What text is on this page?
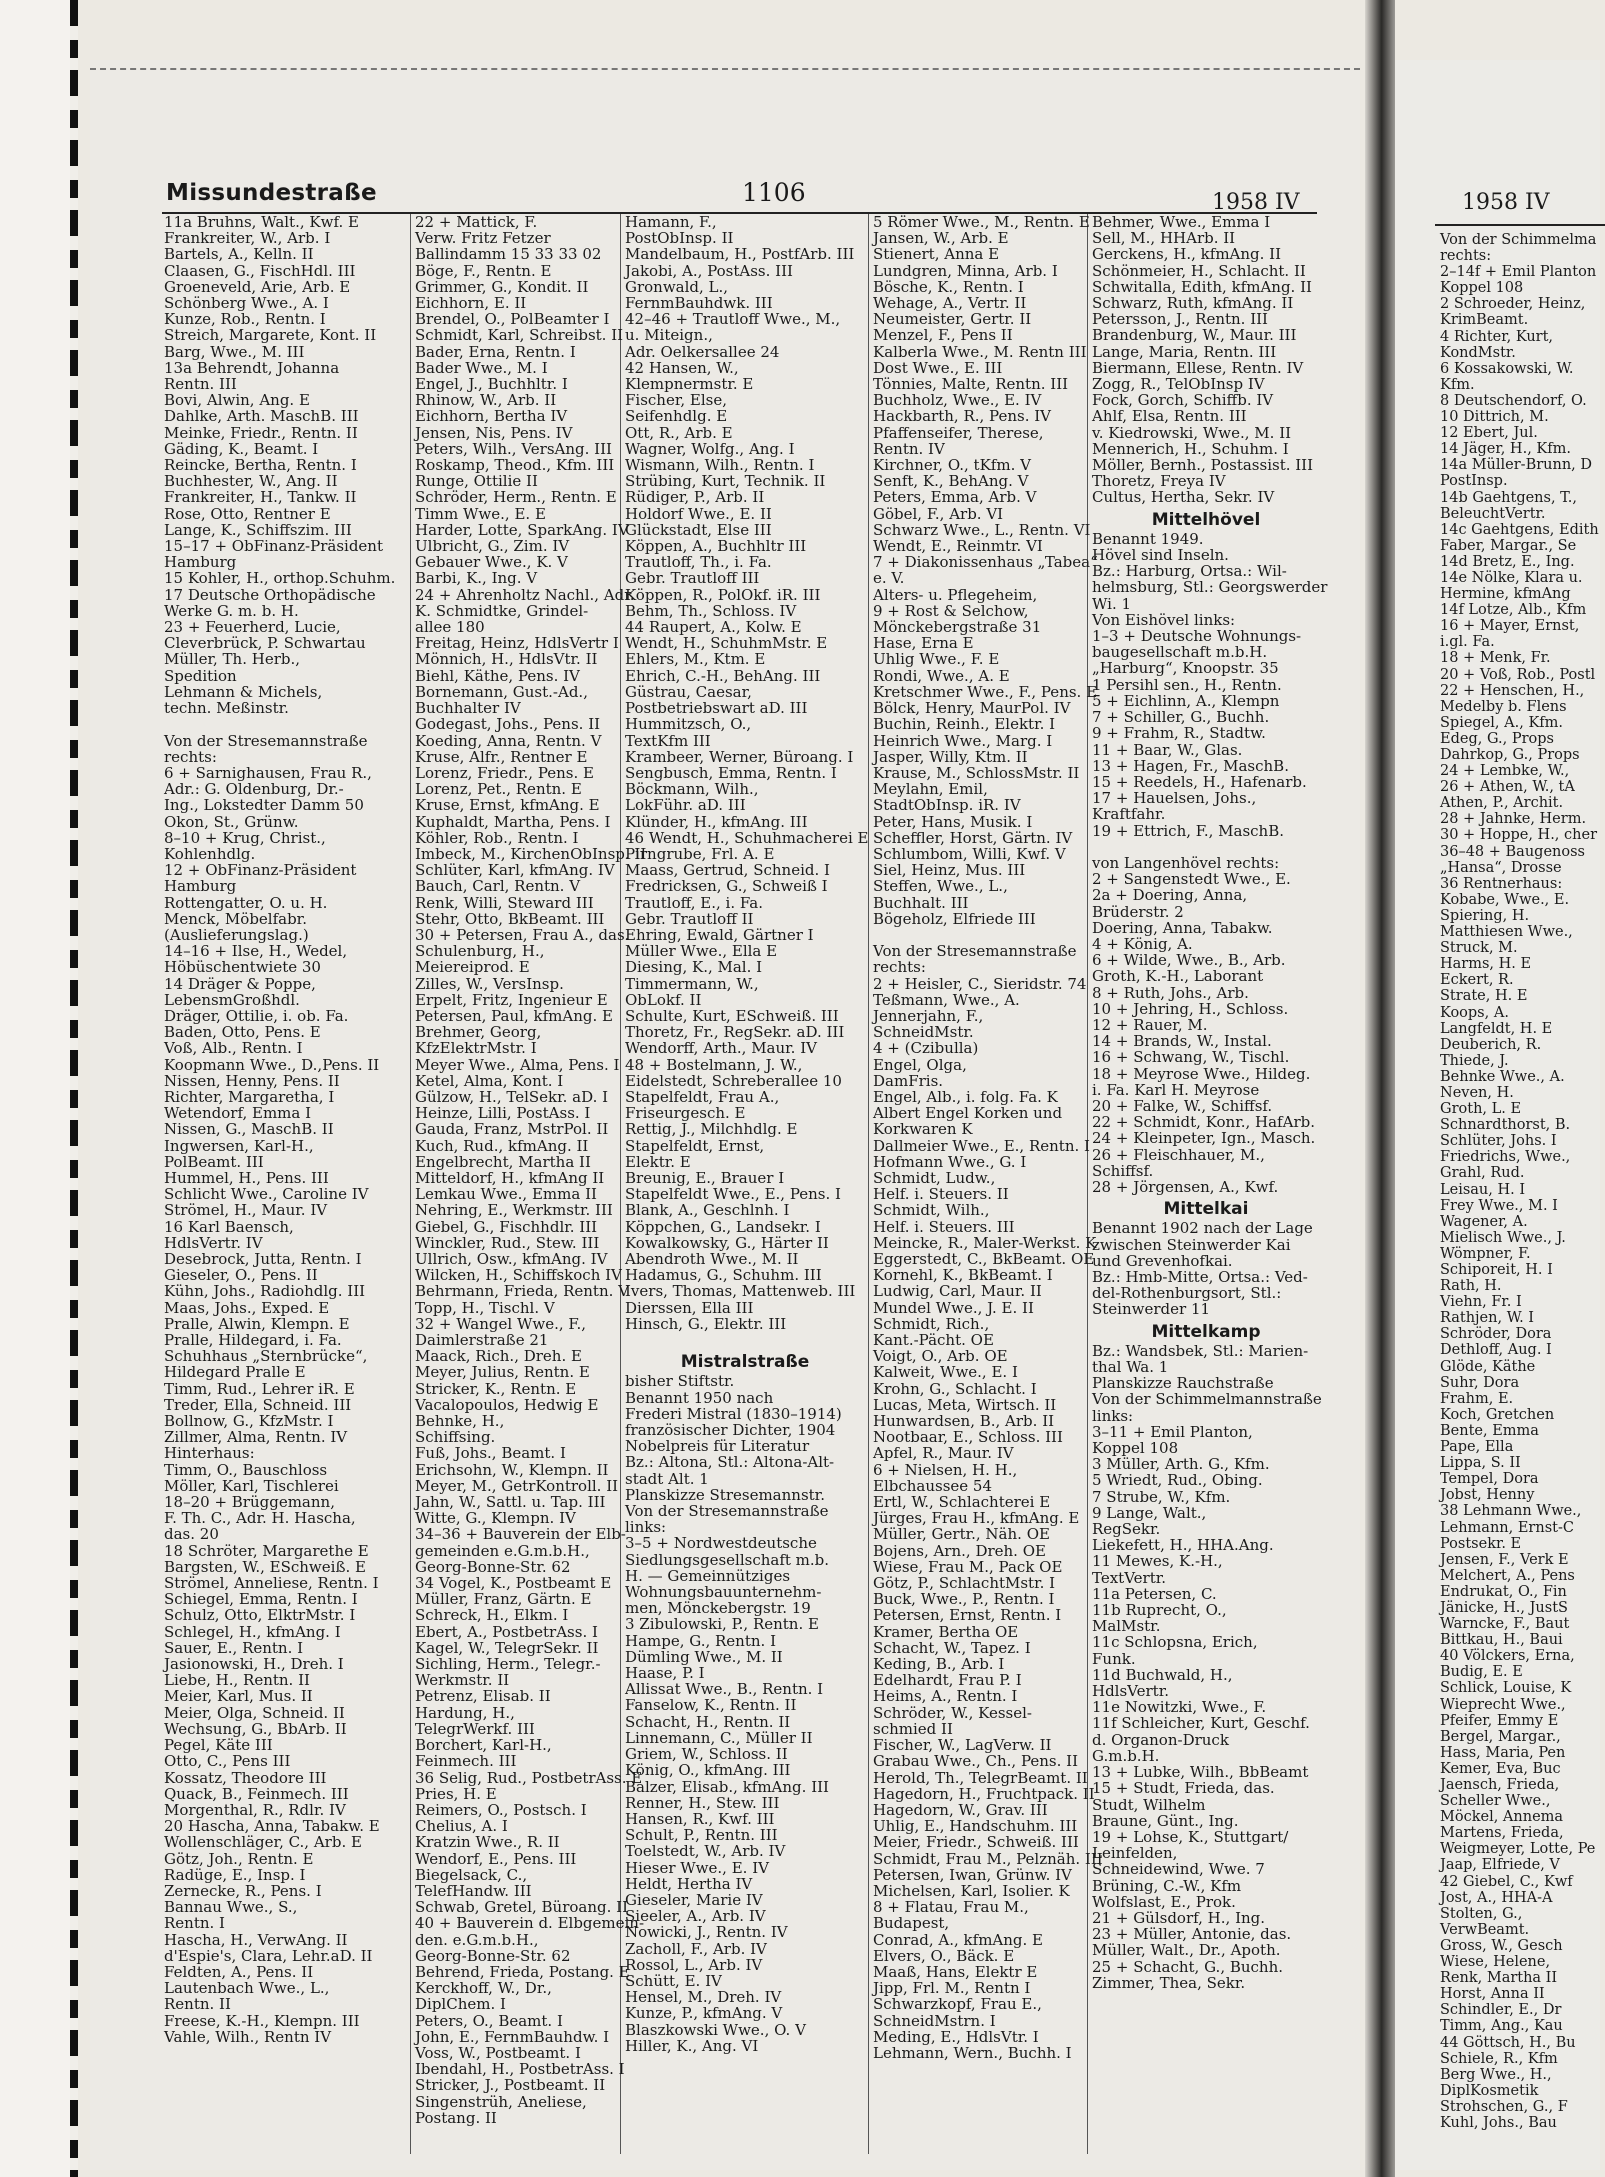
Missundestraße	1106	1958 IV	1958 IV
11a Bruhns, Walt., Kwf. E
Frankreiter, W., Arb. I
Bartels, A., Kelln. II
Claasen, G., FischHdl. III
Groeneveld, Arie, Arb. E
Schönberg Wwe., A. I
Kunze, Rob., Rentn. I
Streich, Margarete, Kont. II
Barg, Wwe., M. III
13a Behrendt, Johanna
Rentn. III
Bovi, Alwin, Ang. E
Dahlke, Arth. MaschB. III
Meinke, Friedr., Rentn. II
Gäding, K., Beamt. I
Reincke, Bertha, Rentn. I
Buchhester, W., Ang. II
Frankreiter, H., Tankw. II
Rose, Otto, Rentner E
Lange, K., Schiffszim. III
15–17 + ObFinanz-Präsident
Hamburg
15 Kohler, H., orthop.Schuhm.
17 Deutsche Orthopädische
Werke G. m. b. H.
23 + Feuerherd, Lucie,
Cleverbrück, P. Schwartau
Müller, Th. Herb.,
Spedition
Lehmann & Michels,
techn. Meßinstr.

Von der Stresemannstraße
rechts:
6 + Sarnighausen, Frau R.,
Adr.: G. Oldenburg, Dr.-
Ing., Lokstedter Damm 50
Okon, St., Grünw.
8–10 + Krug, Christ.,
Kohlenhdlg.
12 + ObFinanz-Präsident
Hamburg
Rottengatter, O. u. H.
Menck, Möbelfabr.
(Auslieferungslag.)
14–16 + Ilse, H., Wedel,
Höbüschentwiete 30
14 Dräger & Poppe,
LebensmGroßhdl.
Dräger, Ottilie, i. ob. Fa.
Baden, Otto, Pens. E
Voß, Alb., Rentn. I
Koopmann Wwe., D.,Pens. II
Nissen, Henny, Pens. II
Richter, Margaretha, I
Wetendorf, Emma I
Nissen, G., MaschB. II
Ingwersen, Karl-H.,
PolBeamt. III
Hummel, H., Pens. III
Schlicht Wwe., Caroline IV
Strömel, H., Maur. IV
16 Karl Baensch,
HdlsVertr. IV
Desebrock, Jutta, Rentn. I
Gieseler, O., Pens. II
Kühn, Johs., Radiohdlg. III
Maas, Johs., Exped. E
Pralle, Alwin, Klempn. E
Pralle, Hildegard, i. Fa.
Schuhhaus „Sternbrücke“,
Hildegard Pralle E
Timm, Rud., Lehrer iR. E
Treder, Ella, Schneid. III
Bollnow, G., KfzMstr. I
Zillmer, Alma, Rentn. IV
Hinterhaus:
Timm, O., Bauschloss
Möller, Karl, Tischlerei
18–20 + Brüggemann,
F. Th. C., Adr. H. Hascha,
das. 20
18 Schröter, Margarethe E
Bargsten, W., ESchweiß. E
Strömel, Anneliese, Rentn. I
Schiegel, Emma, Rentn. I
Schulz, Otto, ElktrMstr. I
Schlegel, H., kfmAng. I
Sauer, E., Rentn. I
Jasionowski, H., Dreh. I
Liebe, H., Rentn. II
Meier, Karl, Mus. II
Meier, Olga, Schneid. II
Wechsung, G., BbArb. II
Pegel, Käte III
Otto, C., Pens III
Kossatz, Theodore III
Quack, B., Feinmech. III
Morgenthal, R., Rdlr. IV
20 Hascha, Anna, Tabakw. E
Wollenschläger, C., Arb. E
Götz, Joh., Rentn. E
Radüge, E., Insp. I
Zernecke, R., Pens. I
Bannau Wwe., S.,
Rentn. I
Hascha, H., VerwAng. II
d'Espie's, Clara, Lehr.aD. II
Feldten, A., Pens. II
Lautenbach Wwe., L.,
Rentn. II
Freese, K.-H., Klempn. III
Vahle, Wilh., Rentn IV
22 + Mattick, F.
Verw. Fritz Fetzer
Ballindamm 15 33 33 02
Böge, F., Rentn. E
Grimmer, G., Kondit. II
Eichhorn, E. II
Brendel, O., PolBeamter I
Schmidt, Karl, Schreibst. II
Bader, Erna, Rentn. I
Bader Wwe., M. I
Engel, J., Buchhltr. I
Rhinow, W., Arb. II
Eichhorn, Bertha IV
Jensen, Nis, Pens. IV
Peters, Wilh., VersAng. III
Roskamp, Theod., Kfm. III
Runge, Ottilie II
Schröder, Herm., Rentn. E
Timm Wwe., E. E
Harder, Lotte, SparkAng. IV
Ulbricht, G., Zim. IV
Gebauer Wwe., K. V
Barbi, K., Ing. V
24 + Ahrenholtz Nachl., Adr.
K. Schmidtke, Grindel-
allee 180
Freitag, Heinz, HdlsVertr I
Mönnich, H., HdlsVtr. II
Biehl, Käthe, Pens. IV
Bornemann, Gust.-Ad.,
Buchhalter IV
Godegast, Johs., Pens. II
Koeding, Anna, Rentn. V
Kruse, Alfr., Rentner E
Lorenz, Friedr., Pens. E
Lorenz, Pet., Rentn. E
Kruse, Ernst, kfmAng. E
Kuphaldt, Martha, Pens. I
Köhler, Rob., Rentn. I
Imbeck, M., KirchenObInsp. II
Schlüter, Karl, kfmAng. IV
Bauch, Carl, Rentn. V
Renk, Willi, Steward III
Stehr, Otto, BkBeamt. III
30 + Petersen, Frau A., das.
Schulenburg, H.,
Meiereiprod. E
Zilles, W., VersInsp.
Erpelt, Fritz, Ingenieur E
Petersen, Paul, kfmAng. E
Brehmer, Georg,
KfzElektrMstr. I
Meyer Wwe., Alma, Pens. I
Ketel, Alma, Kont. I
Gülzow, H., TelSekr. aD. I
Heinze, Lilli, PostAss. I
Gauda, Franz, MstrPol. II
Kuch, Rud., kfmAng. II
Engelbrecht, Martha II
Mitteldorf, H., kfmAng II
Lemkau Wwe., Emma II
Nehring, E., Werkmstr. III
Giebel, G., Fischhdlr. III
Winckler, Rud., Stew. III
Ullrich, Osw., kfmAng. IV
Wilcken, H., Schiffskoch IV
Behrmann, Frieda, Rentn. V
Topp, H., Tischl. V
32 + Wangel Wwe., F.,
Daimlerstraße 21
Maack, Rich., Dreh. E
Meyer, Julius, Rentn. E
Stricker, K., Rentn. E
Vacalopoulos, Hedwig E
Behnke, H.,
Schiffsing.
Fuß, Johs., Beamt. I
Erichsohn, W., Klempn. II
Meyer, M., GetrKontroll. II
Jahn, W., Sattl. u. Tap. III
Witte, G., Klempn. IV
34–36 + Bauverein der Elb-
gemeinden e.G.m.b.H.,
Georg-Bonne-Str. 62
34 Vogel, K., Postbeamt E
Müller, Franz, Gärtn. E
Schreck, H., Elkm. I
Ebert, A., PostbetrAss. I
Kagel, W., TelegrSekr. II
Sichling, Herm., Telegr.-
Werkmstr. II
Petrenz, Elisab. II
Hardung, H.,
TelegrWerkf. III
Borchert, Karl-H.,
Feinmech. III
36 Selig, Rud., PostbetrAss. E
Pries, H. E
Reimers, O., Postsch. I
Chelius, A. I
Kratzin Wwe., R. II
Wendorf, E., Pens. III
Biegelsack, C.,
TelefHandw. III
Schwab, Gretel, Büroang. II
40 + Bauverein d. Elbgemein-
den. e.G.m.b.H.,
Georg-Bonne-Str. 62
Behrend, Frieda, Postang. E
Kerckhoff, W., Dr.,
DiplChem. I
Peters, O., Beamt. I
John, E., FernmBauhdw. I
Voss, W., Postbeamt. I
Ibendahl, H., PostbetrAss. I
Stricker, J., Postbeamt. II
Singenstrüh, Aneliese,
Postang. II
Hamann, F.,
PostObInsp. II
Mandelbaum, H., PostfArb. III
Jakobi, A., PostAss. III
Gronwald, L.,
FernmBauhdwk. III
42–46 + Trautloff Wwe., M.,
u. Miteign.,
Adr. Oelkersallee 24
42 Hansen, W.,
Klempnermstr. E
Fischer, Else,
Seifenhdlg. E
Ott, R., Arb. E
Wagner, Wolfg., Ang. I
Wismann, Wilh., Rentn. I
Strübing, Kurt, Technik. II
Rüdiger, P., Arb. II
Holdorf Wwe., E. II
Glückstadt, Else III
Köppen, A., Buchhltr III
Trautloff, Th., i. Fa.
Gebr. Trautloff III
Köppen, R., PolOkf. iR. III
Behm, Th., Schloss. IV
44 Raupert, A., Kolw. E
Wendt, H., SchuhmMstr. E
Ehlers, M., Ktm. E
Ehrich, C.-H., BehAng. III
Güstrau, Caesar,
Postbetriebswart aD. III
Hummitzsch, O.,
TextKfm III
Krambeer, Werner, Büroang. I
Sengbusch, Emma, Rentn. I
Böckmann, Wilh.,
LokFühr. aD. III
Klünder, H., kfmAng. III
46 Wendt, H., Schuhmacherei E
Pirngrube, Frl. A. E
Maass, Gertrud, Schneid. I
Fredricksen, G., Schweiß I
Trautloff, E., i. Fa.
Gebr. Trautloff II
Ehring, Ewald, Gärtner I
Müller Wwe., Ella E
Diesing, K., Mal. I
Timmermann, W.,
ObLokf. II
Schulte, Kurt, ESchweiß. III
Thoretz, Fr., RegSekr. aD. III
Wendorff, Arth., Maur. IV
48 + Bostelmann, J. W.,
Eidelstedt, Schreberallee 10
Stapelfeldt, Frau A.,
Friseurgesch. E
Rettig, J., Milchhdlg. E
Stapelfeldt, Ernst,
Elektr. E
Breunig, E., Brauer I
Stapelfeldt Wwe., E., Pens. I
Blank, A., Geschlnh. I
Köppchen, G., Landsekr. I
Kowalkowsky, G., Härter II
Abendroth Wwe., M. II
Hadamus, G., Schuhm. III
Ivers, Thomas, Mattenweb. III
Dierssen, Ella III
Hinsch, G., Elektr. III

Mistralstraße
bisher Stiftstr.
Benannt 1950 nach
Frederi Mistral (1830–1914)
französischer Dichter, 1904
Nobelpreis für Literatur
Bz.: Altona, Stl.: Altona-Alt-
stadt Alt. 1
Planskizze Stresemannstr.
Von der Stresemannstraße
links:
3–5 + Nordwestdeutsche
Siedlungsgesellschaft m.b.
H. — Gemeinnütziges
Wohnungsbauunternehm-
men, Mönckebergstr. 19
3 Zibulowski, P., Rentn. E
Hampe, G., Rentn. I
Dümling Wwe., M. II
Haase, P. I
Allissat Wwe., B., Rentn. I
Fanselow, K., Rentn. II
Schacht, H., Rentn. II
Linnemann, C., Müller II
Griem, W., Schloss. II
König, O., kfmAng. III
Balzer, Elisab., kfmAng. III
Renner, H., Stew. III
Hansen, R., Kwf. III
Schult, P., Rentn. III
Toelstedt, W., Arb. IV
Hieser Wwe., E. IV
Heldt, Hertha IV
Gieseler, Marie IV
Sieeler, A., Arb. IV
Nowicki, J., Rentn. IV
Zacholl, F., Arb. IV
Rossol, L., Arb. IV
Schütt, E. IV
Hensel, M., Dreh. IV
Kunze, P., kfmAng. V
Blaszkowski Wwe., O. V
Hiller, K., Ang. VI
5 Römer Wwe., M., Rentn. E
Jansen, W., Arb. E
Stienert, Anna E
Lundgren, Minna, Arb. I
Bösche, K., Rentn. I
Wehage, A., Vertr. II
Neumeister, Gertr. II
Menzel, F., Pens II
Kalberla Wwe., M. Rentn III
Dost Wwe., E. III
Tönnies, Malte, Rentn. III
Buchholz, Wwe., E. IV
Hackbarth, R., Pens. IV
Pfaffenseifer, Therese,
Rentn. IV
Kirchner, O., tKfm. V
Senft, K., BehAng. V
Peters, Emma, Arb. V
Göbel, F., Arb. VI
Schwarz Wwe., L., Rentn. VI
Wendt, E., Reinmtr. VI
7 + Diakonissenhaus „Tabea“
e. V.
Alters- u. Pflegeheim,
9 + Rost & Selchow,
Mönckebergstraße 31
Hase, Erna E
Uhlig Wwe., F. E
Rondi, Wwe., A. E
Kretschmer Wwe., F., Pens. E
Bölck, Henry, MaurPol. IV
Buchin, Reinh., Elektr. I
Heinrich Wwe., Marg. I
Jasper, Willy, Ktm. II
Krause, M., SchlossMstr. II
Meylahn, Emil,
StadtObInsp. iR. IV
Peter, Hans, Musik. I
Scheffler, Horst, Gärtn. IV
Schlumbom, Willi, Kwf. V
Siel, Heinz, Mus. III
Steffen, Wwe., L.,
Buchhalt. III
Bögeholz, Elfriede III

Von der Stresemannstraße
rechts:
2 + Heisler, C., Sieridstr. 74
Teßmann, Wwe., A.
Jennerjahn, F.,
SchneidMstr.
4 + (Czibulla)
Engel, Olga,
DamFris.
Engel, Alb., i. folg. Fa. K
Albert Engel Korken und
Korkwaren K
Dallmeier Wwe., E., Rentn. I
Hofmann Wwe., G. I
Schmidt, Ludw.,
Helf. i. Steuers. II
Schmidt, Wilh.,
Helf. i. Steuers. III
Meincke, R., Maler-Werkst. K
Eggerstedt, C., BkBeamt. OE
Kornehl, K., BkBeamt. I
Ludwig, Carl, Maur. II
Mundel Wwe., J. E. II
Schmidt, Rich.,
Kant.-Pächt. OE
Voigt, O., Arb. OE
Kalweit, Wwe., E. I
Krohn, G., Schlacht. I
Lucas, Meta, Wirtsch. II
Hunwardsen, B., Arb. II
Nootbaar, E., Schloss. III
Apfel, R., Maur. IV
6 + Nielsen, H. H.,
Elbchaussee 54
Ertl, W., Schlachterei E
Jürges, Frau H., kfmAng. E
Müller, Gertr., Näh. OE
Bojens, Arn., Dreh. OE
Wiese, Frau M., Pack OE
Götz, P., SchlachtMstr. I
Buck, Wwe., P., Rentn. I
Petersen, Ernst, Rentn. I
Kramer, Bertha OE
Schacht, W., Tapez. I
Keding, B., Arb. I
Edelhardt, Frau P. I
Heims, A., Rentn. I
Schröder, W., Kessel-
schmied II
Fischer, W., LagVerw. II
Grabau Wwe., Ch., Pens. II
Herold, Th., TelegrBeamt. II
Hagedorn, H., Fruchtpack. II
Hagedorn, W., Grav. III
Uhlig, E., Handschuhm. III
Meier, Friedr., Schweiß. III
Schmidt, Frau M., Pelznäh. III
Petersen, Iwan, Grünw. IV
Michelsen, Karl, Isolier. K
8 + Flatau, Frau M.,
Budapest,
Conrad, A., kfmAng. E
Elvers, O., Bäck. E
Maaß, Hans, Elektr E
Jipp, Frl. M., Rentn I
Schwarzkopf, Frau E.,
SchneidMstrn. I
Meding, E., HdlsVtr. I
Lehmann, Wern., Buchh. I
Behmer, Wwe., Emma I
Sell, M., HHArb. II
Gerckens, H., kfmAng. II
Schönmeier, H., Schlacht. II
Schwitalla, Edith, kfmAng. II
Schwarz, Ruth, kfmAng. II
Petersson, J., Rentn. III
Brandenburg, W., Maur. III
Lange, Maria, Rentn. III
Biermann, Ellese, Rentn. IV
Zogg, R., TelObInsp IV
Fock, Gorch, Schiffb. IV
Ahlf, Elsa, Rentn. III
v. Kiedrowski, Wwe., M. II
Mennerich, H., Schuhm. I
Möller, Bernh., Postassist. III
Thoretz, Freya IV
Cultus, Hertha, Sekr. IV
Mittelhövel
Benannt 1949.
Hövel sind Inseln.
Bz.: Harburg, Ortsa.: Wil-
helmsburg, Stl.: Georgswerder
Wi. 1
Von Eishövel links:
1–3 + Deutsche Wohnungs-
baugesellschaft m.b.H.
„Harburg“, Knoopstr. 35
1 Persihl sen., H., Rentn.
5 + Eichlinn, A., Klempn
7 + Schiller, G., Buchh.
9 + Frahm, R., Stadtw.
11 + Baar, W., Glas.
13 + Hagen, Fr., MaschB.
15 + Reedels, H., Hafenarb.
17 + Hauelsen, Johs.,
Kraftfahr.
19 + Ettrich, F., MaschB.

von Langenhövel rechts:
2 + Sangenstedt Wwe., E.
2a + Doering, Anna,
Brüderstr. 2
Doering, Anna, Tabakw.
4 + König, A.
6 + Wilde, Wwe., B., Arb.
Groth, K.-H., Laborant
8 + Ruth, Johs., Arb.
10 + Jehring, H., Schloss.
12 + Rauer, M.
14 + Brands, W., Instal.
16 + Schwang, W., Tischl.
18 + Meyrose Wwe., Hildeg.
i. Fa. Karl H. Meyrose
20 + Falke, W., Schiffsf.
22 + Schmidt, Konr., HafArb.
24 + Kleinpeter, Ign., Masch.
26 + Fleischhauer, M.,
Schiffsf.
28 + Jörgensen, A., Kwf.
Mittelkai
Benannt 1902 nach der Lage
zwischen Steinwerder Kai
und Grevenhofkai.
Bz.: Hmb-Mitte, Ortsa.: Ved-
del-Rothenburgsort, Stl.:
Steinwerder 11
Mittelkamp
Bz.: Wandsbek, Stl.: Marien-
thal Wa. 1
Planskizze Rauchstraße
Von der Schimmelmannstraße
links:
3–11 + Emil Planton,
Koppel 108
3 Müller, Arth. G., Kfm.
5 Wriedt, Rud., Obing.
7 Strube, W., Kfm.
9 Lange, Walt.,
RegSekr.
Liekefett, H., HHA.Ang.
11 Mewes, K.-H.,
TextVertr.
11a Petersen, C.
11b Ruprecht, O.,
MalMstr.
11c Schlopsna, Erich,
Funk.
11d Buchwald, H.,
HdlsVertr.
11e Nowitzki, Wwe., F.
11f Schleicher, Kurt, Geschf.
d. Organon-Druck
G.m.b.H.
13 + Lubke, Wilh., BbBeamt
15 + Studt, Frieda, das.
Studt, Wilhelm
Braune, Günt., Ing.
19 + Lohse, K., Stuttgart/
Leinfelden,
Schneidewind, Wwe. 7
Brüning, C.-W., Kfm
Wolfslast, E., Prok.
21 + Gülsdorf, H., Ing.
23 + Müller, Antonie, das.
Müller, Walt., Dr., Apoth.
25 + Schacht, G., Buchh.
Zimmer, Thea, Sekr.
Von der Schimmelma
rechts:
2–14f + Emil Planton
Koppel 108
2 Schroeder, Heinz,
KrimBeamt.
4 Richter, Kurt,
KondMstr.
6 Kossakowski, W.
Kfm.
8 Deutschendorf, O.
10 Dittrich, M.
12 Ebert, Jul.
14 Jäger, H., Kfm.
14a Müller-Brunn, D
PostInsp.
14b Gaehtgens, T.,
BeleuchtVertr.
14c Gaehtgens, Edith
Faber, Margar., Se
14d Bretz, E., Ing.
14e Nölke, Klara u.
Hermine, kfmAng
14f Lotze, Alb., Kfm
16 + Mayer, Ernst,
i.gl. Fa.
18 + Menk, Fr.
20 + Voß, Rob., Postl
22 + Henschen, H.,
Medelby b. Flens
Spiegel, A., Kfm.
Edeg, G., Props
Dahrkop, G., Props
24 + Lembke, W.,
26 + Athen, W., tA
Athen, P., Archit.
28 + Jahnke, Herm.
30 + Hoppe, H., cher
36–48 + Baugenoss
„Hansa“, Drosse
36 Rentnerhaus:
Kobabe, Wwe., E.
Spiering, H.
Matthiesen Wwe.,
Struck, M.
Harms, H. E
Eckert, R.
Strate, H. E
Koops, A.
Langfeldt, H. E
Deuberich, R.
Thiede, J.
Behnke Wwe., A.
Neven, H.
Groth, L. E
Schnardthorst, B.
Schlüter, Johs. I
Friedrichs, Wwe.,
Grahl, Rud.
Leisau, H. I
Frey Wwe., M. I
Wagener, A.
Mielisch Wwe., J.
Wömpner, F.
Schiporeit, H. I
Rath, H.
Viehn, Fr. I
Rathjen, W. I
Schröder, Dora
Dethloff, Aug. I
Glöde, Käthe
Suhr, Dora
Frahm, E.
Koch, Gretchen
Bente, Emma
Pape, Ella
Lippa, S. II
Tempel, Dora
Jobst, Henny
38 Lehmann Wwe.,
Lehmann, Ernst-C
Postsekr. E
Jensen, F., Verk E
Melchert, A., Pens
Endrukat, O., Fin
Jänicke, H., JustS
Warncke, F., Baut
Bittkau, H., Baui
40 Völckers, Erna,
Budig, E. E
Schlick, Louise, K
Wieprecht Wwe.,
Pfeifer, Emmy E
Bergel, Margar.,
Hass, Maria, Pen
Kemer, Eva, Buc
Jaensch, Frieda,
Scheller Wwe.,
Möckel, Annema
Martens, Frieda,
Weigmeyer, Lotte, Pe
Jaap, Elfriede, V
42 Giebel, C., Kwf
Jost, A., HHA-A
Stolten, G.,
VerwBeamt.
Gross, W., Gesch
Wiese, Helene,
Renk, Martha II
Horst, Anna II
Schindler, E., Dr
Timm, Ang., Kau
44 Göttsch, H., Bu
Schiele, R., Kfm
Berg Wwe., H.,
DiplKosmetik
Strohschen, G., F
Kuhl, Johs., Bau
